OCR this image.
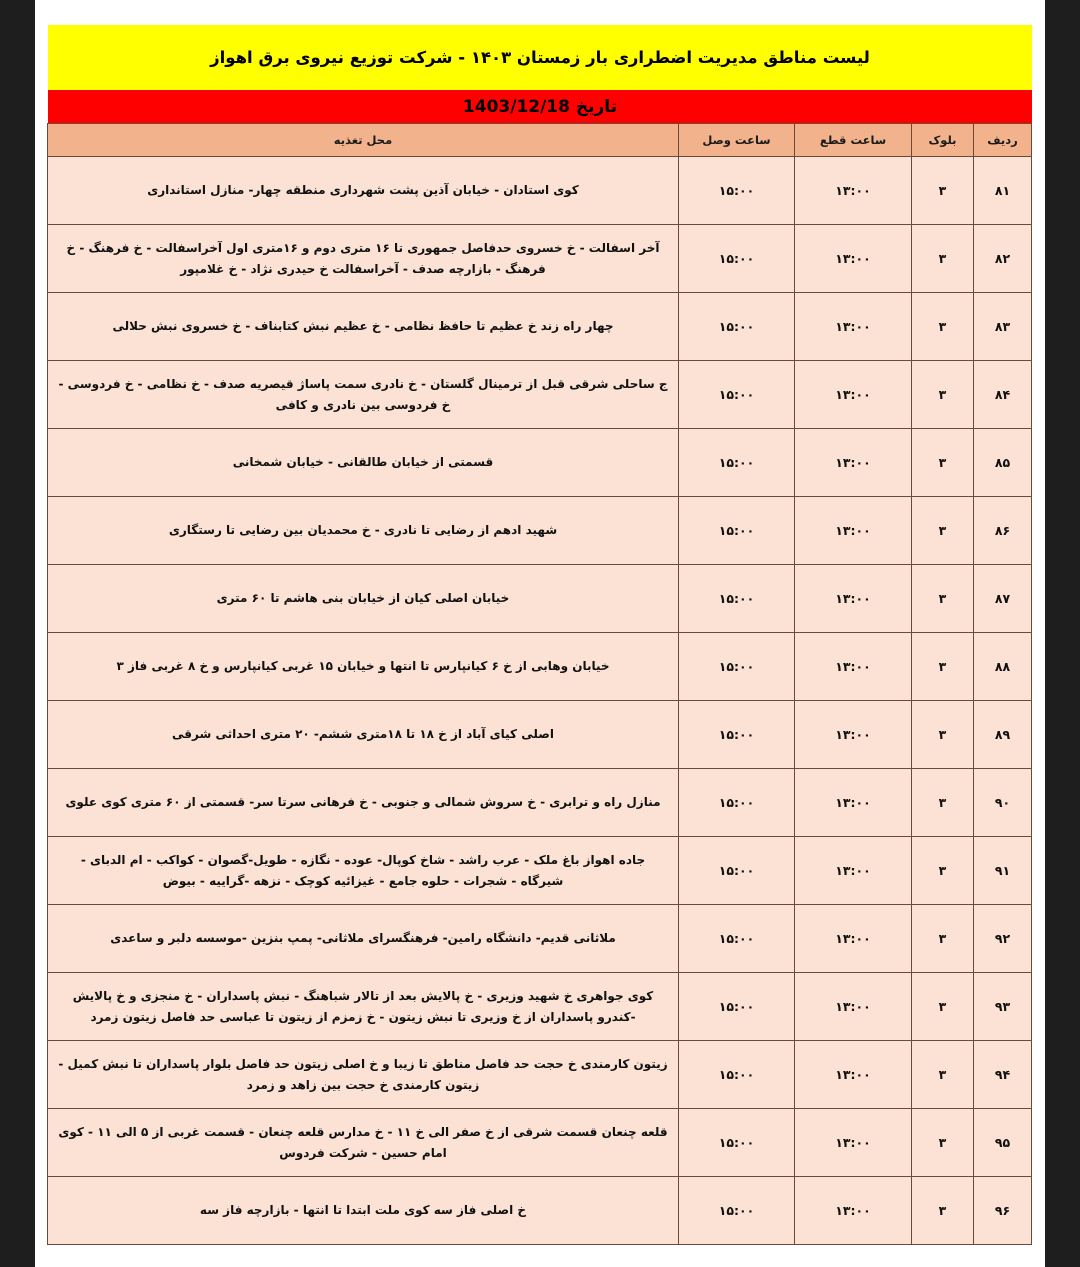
لیست مناطق مدیریت اضطراری بار زمستان ۱۴۰۳ - شرکت توزیع نیروی برق اهواز
تاریخ 1403/12/18
ردیف	بلوک	ساعت قطع	ساعت وصل	محل تغذیه
۸۱	۳	۱۳:۰۰	۱۵:۰۰	کوی استادان - خیابان آذین پشت شهرداری منطقه چهار- منازل استانداری
۸۲	۳	۱۳:۰۰	۱۵:۰۰	آخر اسفالت - خ خسروی حدفاصل جمهوری تا ۱۶ متری دوم و ۱۶متری اول آخراسفالت - خ فرهنگ - خ فرهنگ - بازارچه صدف - آخراسفالت خ حیدری نژاد - خ غلامپور
۸۳	۳	۱۳:۰۰	۱۵:۰۰	چهار راه زند خ عظیم تا حافظ نظامی - خ عظیم نبش کتابناف - خ خسروی نبش حلالی
۸۴	۳	۱۳:۰۰	۱۵:۰۰	ج ساحلی شرقی قبل از ترمینال گلستان - خ نادری سمت پاساژ قیصریه صدف - خ نظامی - خ فردوسی - خ فردوسی بین نادری و کافی
۸۵	۳	۱۳:۰۰	۱۵:۰۰	قسمتی از خیابان طالقانی - خیابان شمخانی
۸۶	۳	۱۳:۰۰	۱۵:۰۰	شهید ادهم از رضایی تا نادری - خ محمدیان بین رضایی تا رستگاری
۸۷	۳	۱۳:۰۰	۱۵:۰۰	خیابان اصلی کیان از خیابان بنی هاشم تا ۶۰ متری
۸۸	۳	۱۳:۰۰	۱۵:۰۰	خیابان وهابی از خ ۶ کیانپارس تا انتها و خیابان ۱۵ غربی کیانپارس و خ ۸ غربی فاز ۳
۸۹	۳	۱۳:۰۰	۱۵:۰۰	اصلی کیای آباد از خ ۱۸ تا ۱۸متری ششم- ۲۰ متری احداثی شرقی
۹۰	۳	۱۳:۰۰	۱۵:۰۰	منازل راه و ترابری - خ سروش شمالی و جنوبی - خ فرهانی سرتا سر- قسمتی از ۶۰ متری کوی علوی
۹۱	۳	۱۳:۰۰	۱۵:۰۰	جاده اهواز باغ ملک - عرب راشد - شاخ کوپال- عوده - نگازه - طویل-گصوان - کواکب - ام الدبای - شیرگاه - شجرات - حلوه جامع - غیزائیه کوچک - نزهه -گراییه - بیوض
۹۲	۳	۱۳:۰۰	۱۵:۰۰	ملاثانی قدیم- دانشگاه رامین- فرهنگسرای ملاثانی- پمپ بنزین -موسسه دلبر و ساعدی
۹۳	۳	۱۳:۰۰	۱۵:۰۰	کوی جواهری خ شهید وزیری - خ پالایش بعد از تالار شباهنگ - نبش پاسداران - خ منجزی و خ پالایش -کندرو پاسداران از خ وزیری تا نبش زیتون - خ زمزم از زیتون تا عباسی حد فاصل زیتون زمرد
۹۴	۳	۱۳:۰۰	۱۵:۰۰	زیتون کارمندی خ حجت حد فاصل مناطق تا زیبا و خ اصلی زیتون حد فاصل بلوار پاسداران تا نبش کمیل - زیتون کارمندی خ حجت بین زاهد و زمرد
۹۵	۳	۱۳:۰۰	۱۵:۰۰	قلعه چنعان قسمت شرقی از خ صفر الی خ ۱۱ - خ مدارس قلعه چنعان - قسمت غربی از ۵ الی ۱۱ - کوی امام حسین - شرکت فردوس
۹۶	۳	۱۳:۰۰	۱۵:۰۰	خ اصلی فاز سه کوی ملت ابتدا تا انتها - بازارچه فاز سه
